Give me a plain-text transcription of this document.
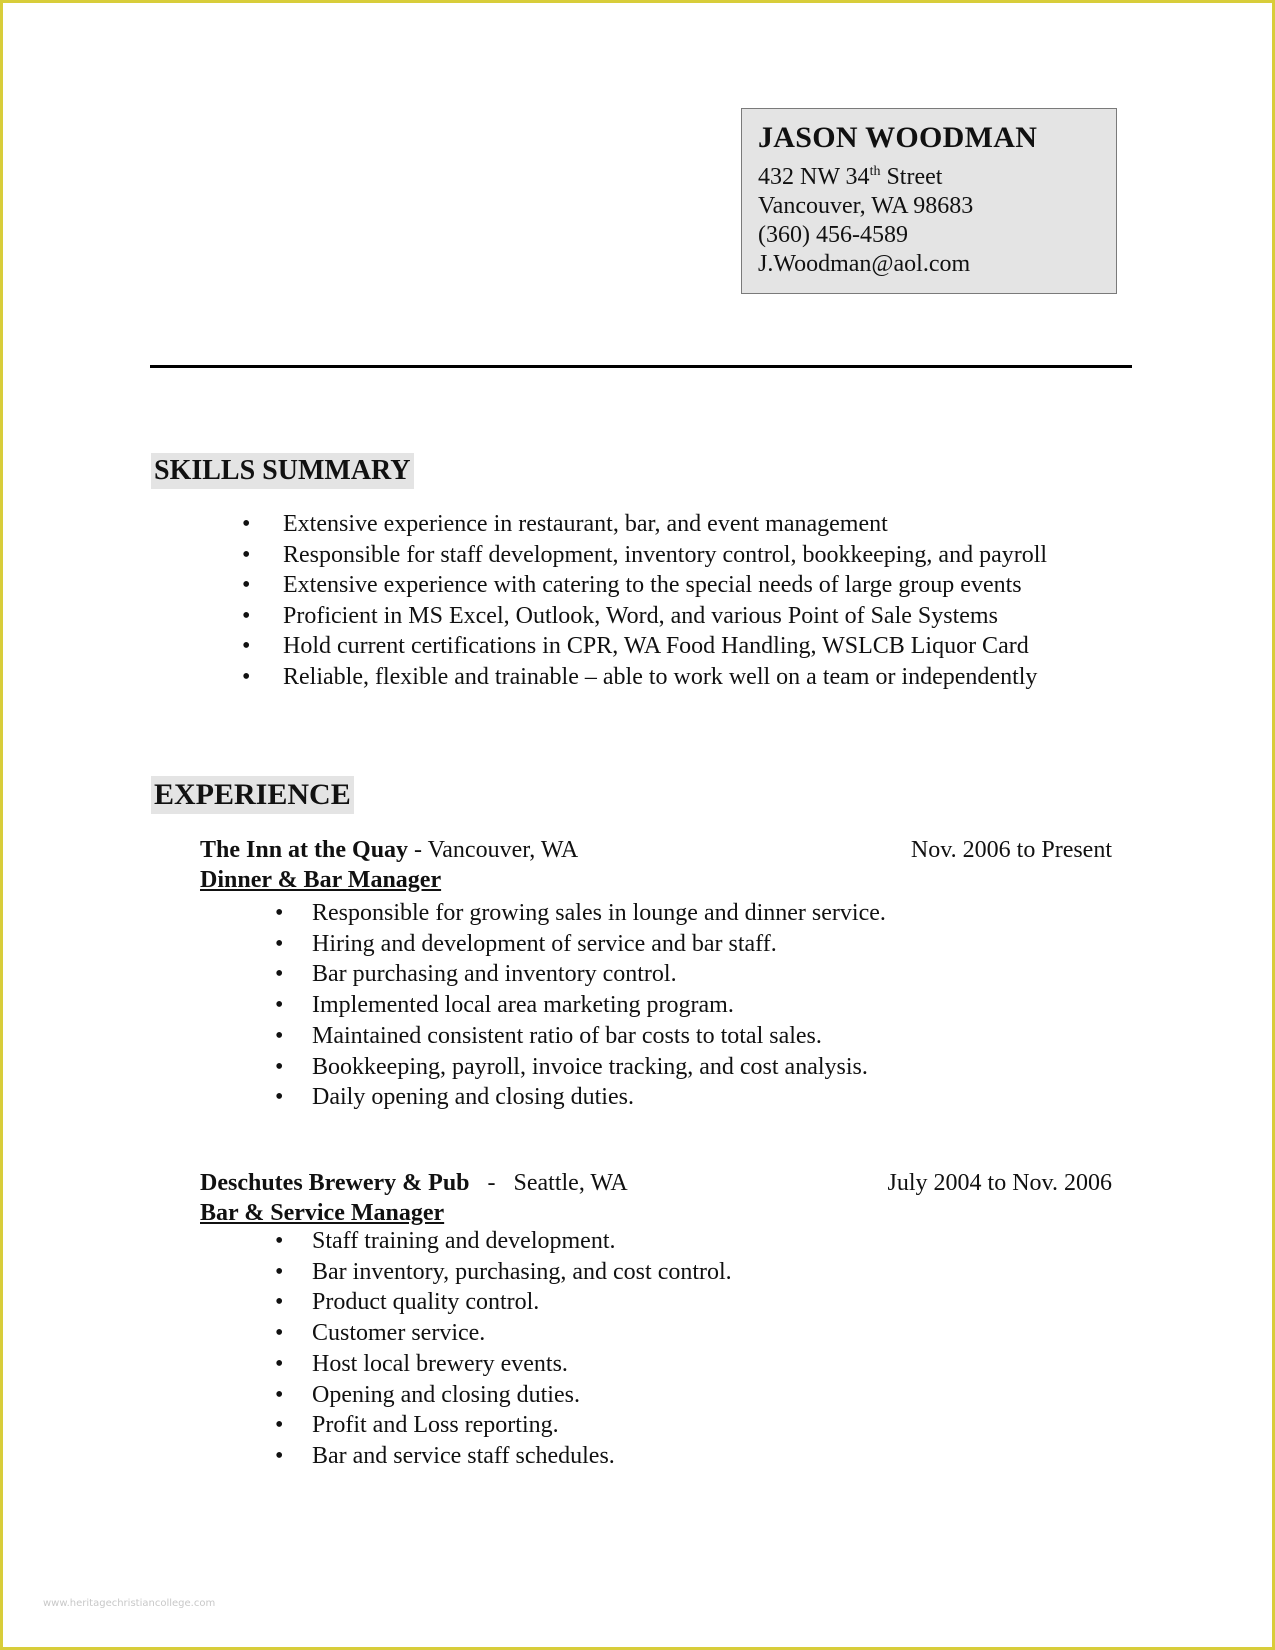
JASON WOODMAN
432 NW 34th Street
Vancouver, WA 98683
(360) 456-4589
J.Woodman@aol.com
SKILLS SUMMARY
• Extensive experience in restaurant, bar, and event management
• Responsible for staff development, inventory control, bookkeeping, and payroll
• Extensive experience with catering to the special needs of large group events
• Proficient in MS Excel, Outlook, Word, and various Point of Sale Systems
• Hold current certifications in CPR, WA Food Handling, WSLCB Liquor Card
• Reliable, flexible and trainable – able to work well on a team or independently
EXPERIENCE
The Inn at the Quay - Vancouver, WA	Nov. 2006 to Present
Dinner & Bar Manager
• Responsible for growing sales in lounge and dinner service.
• Hiring and development of service and bar staff.
• Bar purchasing and inventory control.
• Implemented local area marketing program.
• Maintained consistent ratio of bar costs to total sales.
• Bookkeeping, payroll, invoice tracking, and cost analysis.
• Daily opening and closing duties.
Deschutes Brewery & Pub   -   Seattle, WA	July 2004 to Nov. 2006
Bar & Service Manager
• Staff training and development.
• Bar inventory, purchasing, and cost control.
• Product quality control.
• Customer service.
• Host local brewery events.
• Opening and closing duties.
• Profit and Loss reporting.
• Bar and service staff schedules.
www.heritagechristiancollege.com
